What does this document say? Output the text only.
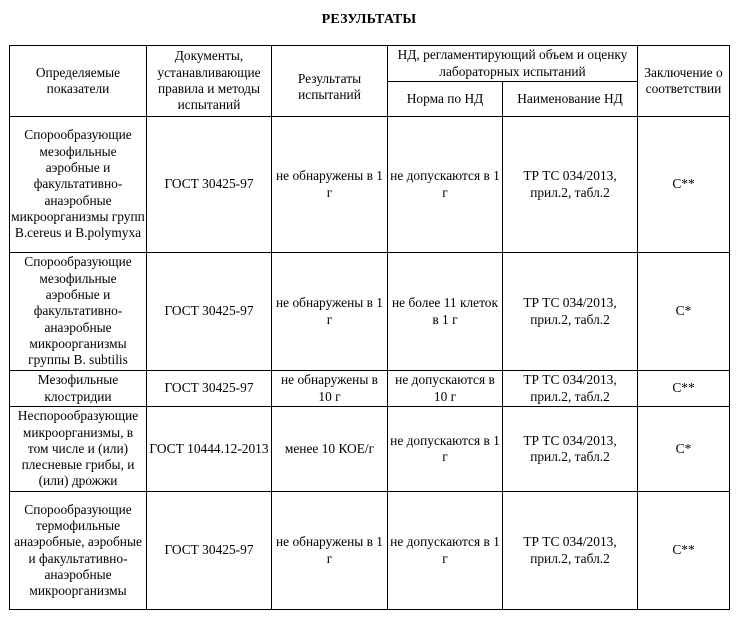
РЕЗУЛЬТАТЫ
Определяемые показатели	Документы, устанавливающие правила и методы испытаний	Результаты испытаний	НД, регламентирующий объем и оценку лабораторных испытаний		Заключение о соответствии
			Норма по НД	Наименование НД	
Спорообразующие мезофильные аэробные и факультативно-анаэробные микроорганизмы групп B.cereus и B.polymyxa	ГОСТ 30425-97	не обнаружены в 1 г	не допускаются в 1 г	ТР ТС 034/2013, прил.2, табл.2	С**
Спорообразующие мезофильные аэробные и факультативно-анаэробные микроорганизмы группы B. subtilis	ГОСТ 30425-97	не обнаружены в 1 г	не более 11 клеток в 1 г	ТР ТС 034/2013, прил.2, табл.2	С*
Мезофильные клостридии	ГОСТ 30425-97	не обнаружены в 10 г	не допускаются в 10 г	ТР ТС 034/2013, прил.2, табл.2	С**
Неспорообразующие микроорганизмы, в том числе и (или) плесневые грибы, и (или) дрожжи	ГОСТ 10444.12-2013	менее 10 КОЕ/г	не допускаются в 1 г	ТР ТС 034/2013, прил.2, табл.2	С*
Спорообразующие термофильные анаэробные, аэробные и факультативно-анаэробные микроорганизмы	ГОСТ 30425-97	не обнаружены в 1 г	не допускаются в 1 г	ТР ТС 034/2013, прил.2, табл.2	С**
